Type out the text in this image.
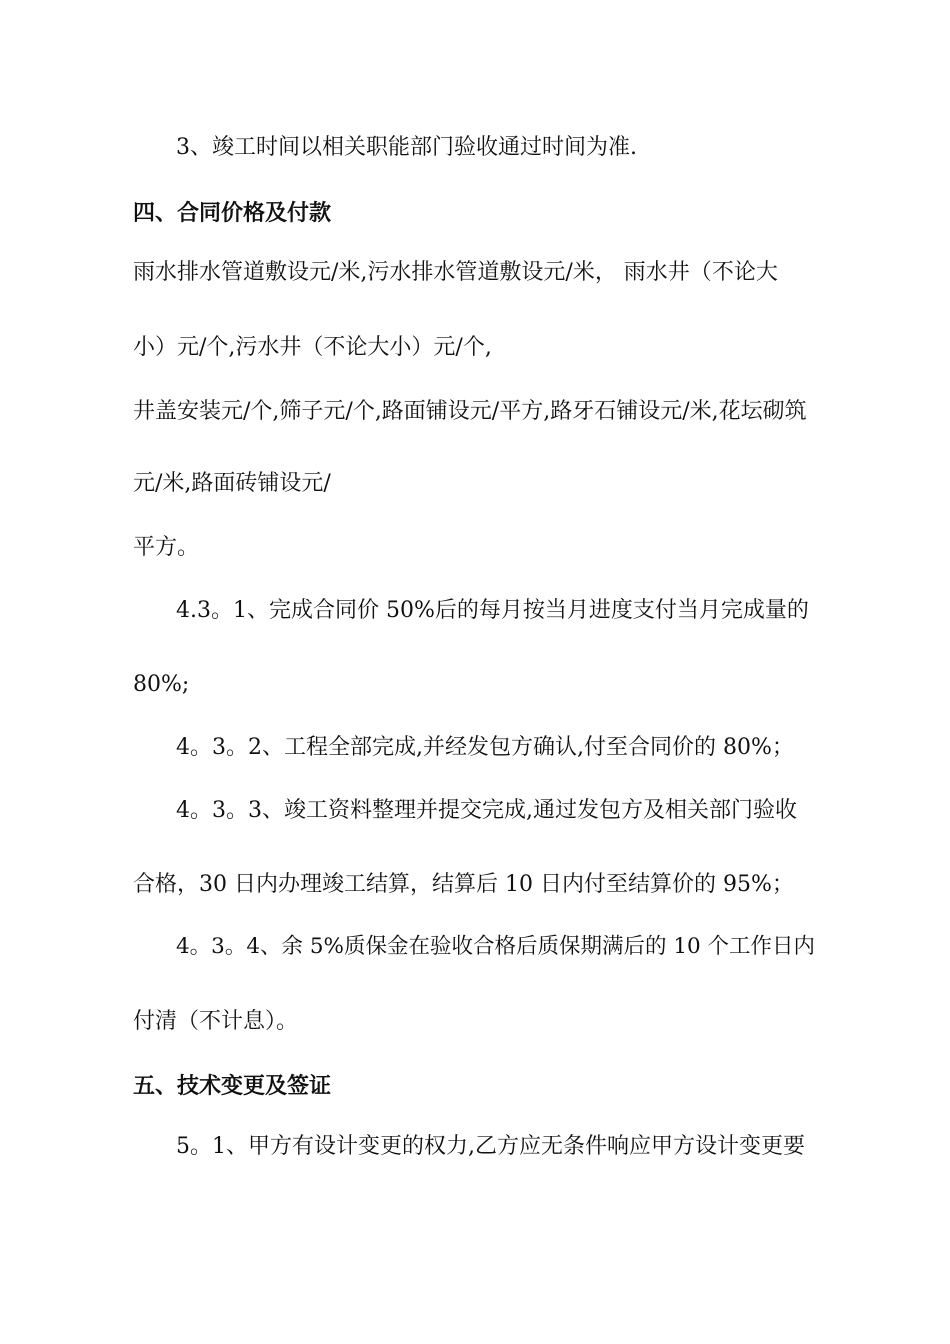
3、竣工时间以相关职能部门验收通过时间为准.
四、合同价格及付款
雨水排水管道敷设元/米,污水排水管道敷设元/米， 雨水井（不论大
小）元/个,污水井（不论大小）元/个,
井盖安装元/个,筛子元/个,路面铺设元/平方,路牙石铺设元/米,花坛砌筑
元/米,路面砖铺设元/
平方。
4.3。1、完成合同价 50%后的每月按当月进度支付当月完成量的
80%;
4。3。2、工程全部完成,并经发包方确认,付至合同价的 80%；
4。3。3、竣工资料整理并提交完成,通过发包方及相关部门验收
合格，30 日内办理竣工结算，结算后 10 日内付至结算价的 95%；
4。3。4、余 5%质保金在验收合格后质保期满后的 10 个工作日内
付清（不计息）。
五、技术变更及签证
5。1、甲方有设计变更的权力,乙方应无条件响应甲方设计变更要
